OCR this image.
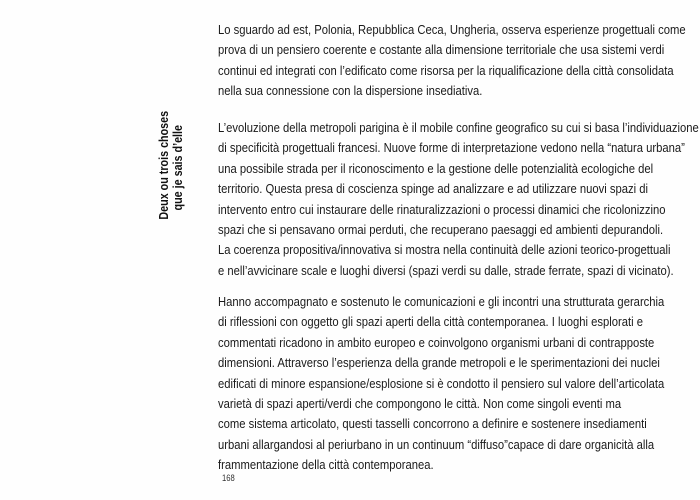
Deux ou trois choses que je sais d’elle
Lo sguardo ad est, Polonia, Repubblica Ceca, Ungheria, osserva esperienze progettuali come
prova di un pensiero coerente e costante alla dimensione territoriale che usa sistemi verdi
continui ed integrati con l’edificato come risorsa per la riqualificazione della città consolidata
nella sua connessione con la dispersione insediativa.
L’evoluzione della metropoli parigina è il mobile confine geografico su cui si basa l’individuazione
di specificità progettuali francesi. Nuove forme di interpretazione vedono nella “natura urbana”
una possibile strada per il riconoscimento e la gestione delle potenzialità ecologiche del
territorio. Questa presa di coscienza spinge ad analizzare e ad utilizzare nuovi spazi di
intervento entro cui instaurare delle rinaturalizzazioni o processi dinamici che ricolonizzino
spazi che si pensavano ormai perduti, che recuperano paesaggi ed ambienti depurandoli.
La coerenza propositiva/innovativa si mostra nella continuità delle azioni teorico-progettuali
e nell’avvicinare scale e luoghi diversi (spazi verdi su dalle, strade ferrate, spazi di vicinato).
Hanno accompagnato e sostenuto le comunicazioni e gli incontri una strutturata gerarchia
di riflessioni con oggetto gli spazi aperti della città contemporanea. I luoghi esplorati e
commentati ricadono in ambito europeo e coinvolgono organismi urbani di contrapposte
dimensioni. Attraverso l’esperienza della grande metropoli e le sperimentazioni dei nuclei
edificati di minore espansione/esplosione si è condotto il pensiero sul valore dell’articolata
varietà di spazi aperti/verdi che compongono le città. Non come singoli eventi ma
come sistema articolato, questi tasselli concorrono a definire e sostenere insediamenti
urbani allargandosi al periurbano in un continuum “diffuso”capace di dare organicità alla
frammentazione della città contemporanea.
168
